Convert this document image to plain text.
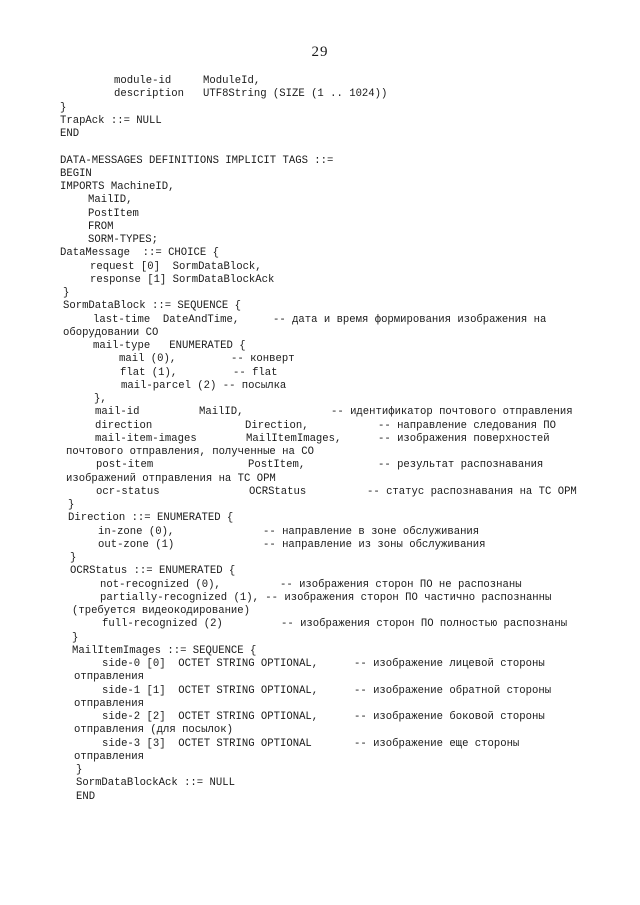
29
module-id     ModuleId,
description   UTF8String (SIZE (1 .. 1024))
}
TrapAck ::= NULL
END
DATA-MESSAGES DEFINITIONS IMPLICIT TAGS ::=
BEGIN
IMPORTS MachineID,
MailID,
PostItem
FROM
SORM-TYPES;
DataMessage  ::= CHOICE {
request [0]  SormDataBlock,
response [1] SormDataBlockAck
}
SormDataBlock ::= SEQUENCE {
last-time  DateAndTime,	-- дата и время формирования изображения на
оборудовании СО
mail-type   ENUMERATED {
mail (0),	-- конверт
flat (1),	-- flat
mail-parcel (2) -- посылка
},
mail-id	MailID,	-- идентификатор почтового отправления
direction	Direction,	-- направление следования ПО
mail-item-images	MailItemImages,	-- изображения поверхностей
почтового отправления, полученные на СО
post-item	PostItem,	-- результат распознавания
изображений отправления на ТС ОРМ
ocr-status	OCRStatus	-- статус распознавания на ТС ОРМ
}
Direction ::= ENUMERATED {
in-zone (0),	-- направление в зоне обслуживания
out-zone (1)	-- направление из зоны обслуживания
}
OCRStatus ::= ENUMERATED {
not-recognized (0),	-- изображения сторон ПО не распознаны
partially-recognized (1), -- изображения сторон ПО частично распознанны
(требуется видеокодирование)
full-recognized (2)	-- изображения сторон ПО полностью распознаны
}
MailItemImages ::= SEQUENCE {
side-0 [0]  OCTET STRING OPTIONAL,	-- изображение лицевой стороны
отправления
side-1 [1]  OCTET STRING OPTIONAL,	-- изображение обратной стороны
отправления
side-2 [2]  OCTET STRING OPTIONAL,	-- изображение боковой стороны
отправления (для посылок)
side-3 [3]  OCTET STRING OPTIONAL	-- изображение еще стороны
отправления
}
SormDataBlockAck ::= NULL
END
